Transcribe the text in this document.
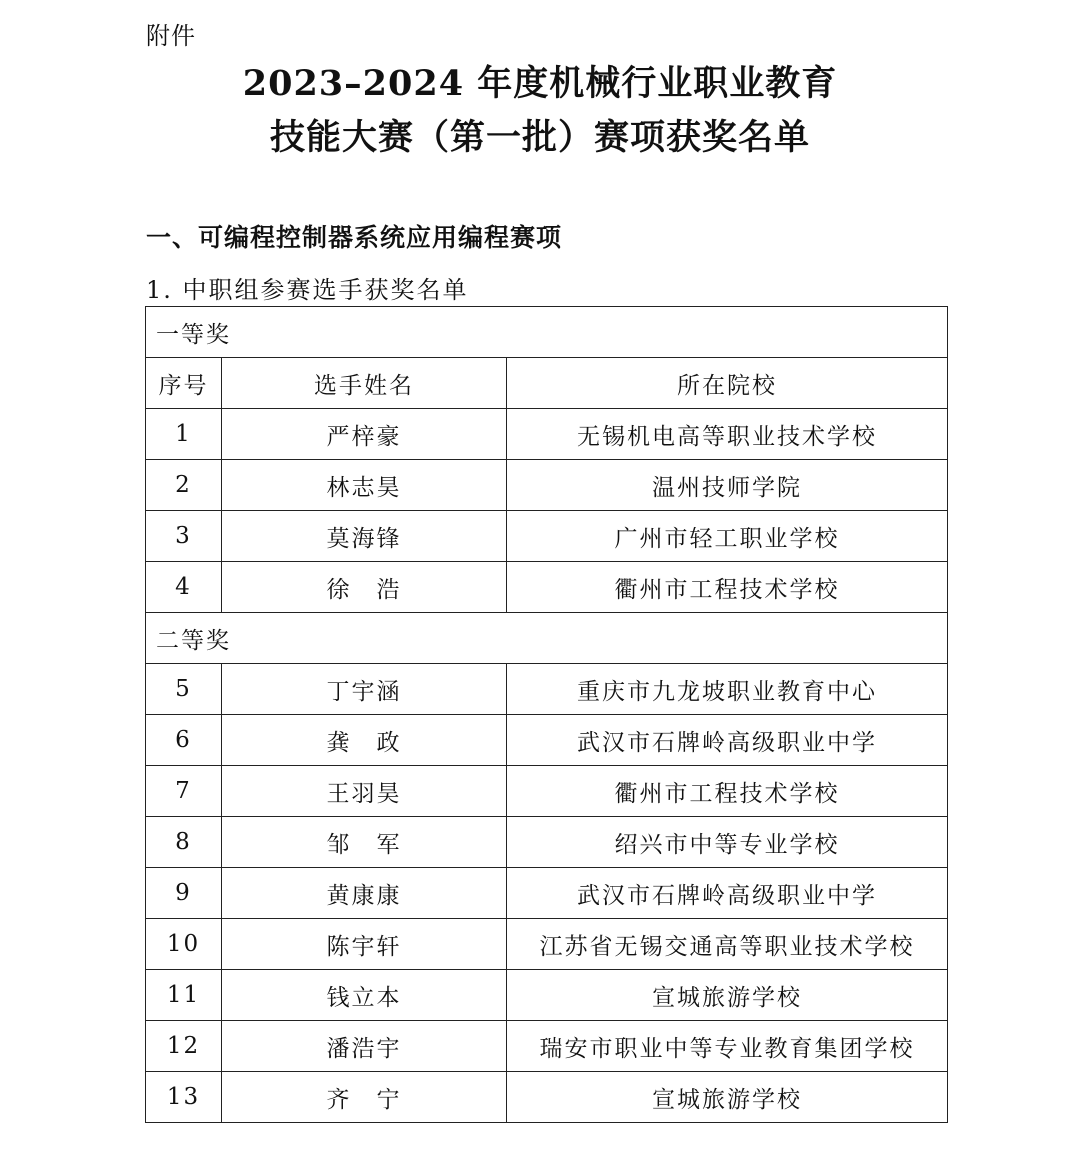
附件
2023–2024 年度机械行业职业教育
技能大赛（第一批）赛项获奖名单
一、可编程控制器系统应用编程赛项
1. 中职组参赛选手获奖名单
一等奖		
序号	选手姓名	所在院校
1	严梓豪	无锡机电高等职业技术学校
2	林志昊	温州技师学院
3	莫海锋	广州市轻工职业学校
4	徐　浩	衢州市工程技术学校
二等奖		
5	丁宇涵	重庆市九龙坡职业教育中心
6	龚　政	武汉市石牌岭高级职业中学
7	王羽昊	衢州市工程技术学校
8	邹　军	绍兴市中等专业学校
9	黄康康	武汉市石牌岭高级职业中学
10	陈宇轩	江苏省无锡交通高等职业技术学校
11	钱立本	宣城旅游学校
12	潘浩宇	瑞安市职业中等专业教育集团学校
13	齐　宁	宣城旅游学校
